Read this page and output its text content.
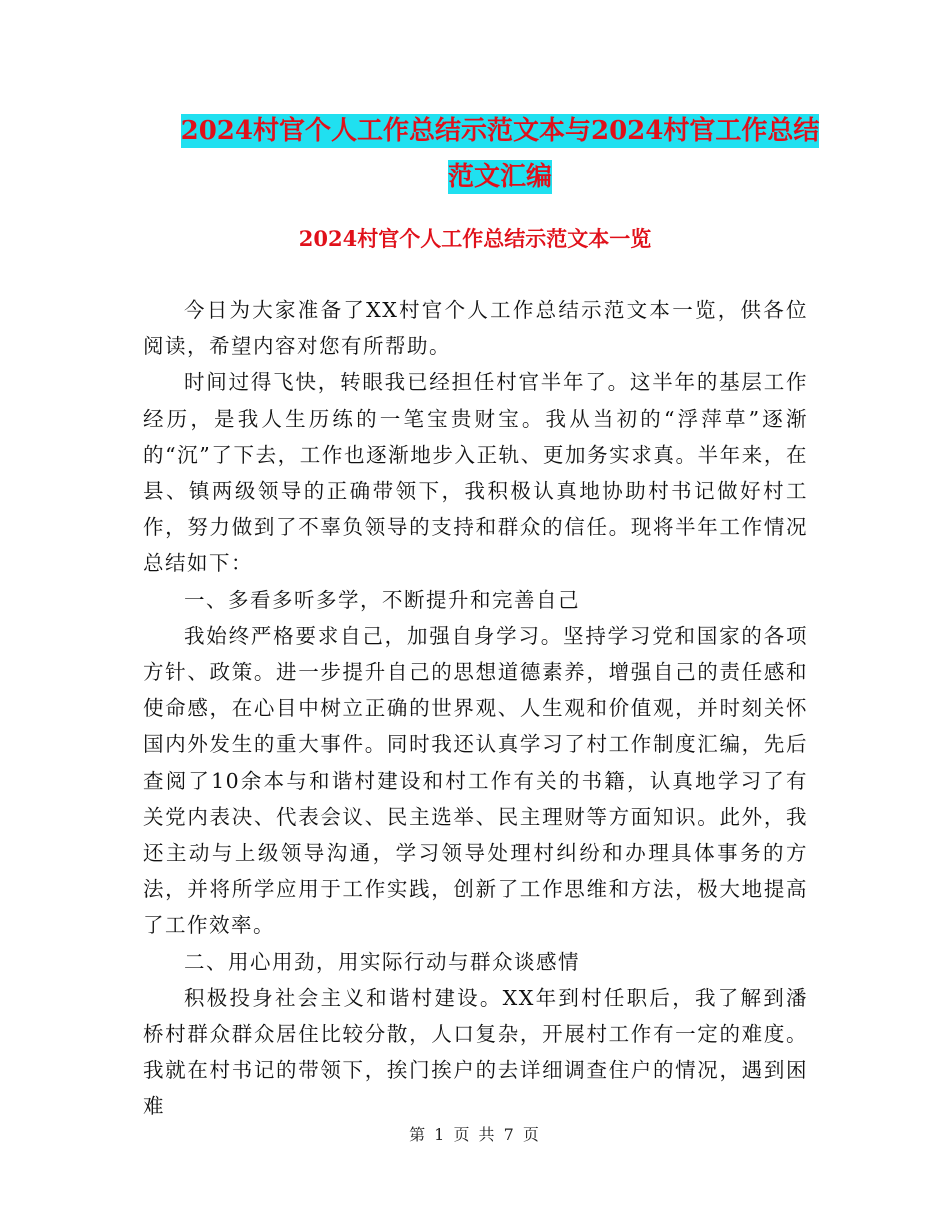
2024村官个人工作总结示范文本与2024村官工作总结
范文汇编
2024村官个人工作总结示范文本一览

今日为大家准备了XX村官个人工作总结示范文本一览，供各位阅读，希望内容对您有所帮助。

时间过得飞快，转眼我已经担任村官半年了。这半年的基层工作经历，是我人生历练的一笔宝贵财宝。我从当初的“浮萍草”逐渐的“沉”了下去，工作也逐渐地步入正轨、更加务实求真。半年来，在县、镇两级领导的正确带领下，我积极认真地协助村书记做好村工作，努力做到了不辜负领导的支持和群众的信任。现将半年工作情况总结如下：

一、多看多听多学，不断提升和完善自己

我始终严格要求自己，加强自身学习。坚持学习党和国家的各项方针、政策。进一步提升自己的思想道德素养，增强自己的责任感和使命感，在心目中树立正确的世界观、人生观和价值观，并时刻关怀国内外发生的重大事件。同时我还认真学习了村工作制度汇编，先后查阅了10余本与和谐村建设和村工作有关的书籍，认真地学习了有关党内表决、代表会议、民主选举、民主理财等方面知识。此外，我还主动与上级领导沟通，学习领导处理村纠纷和办理具体事务的方法，并将所学应用于工作实践，创新了工作思维和方法，极大地提高了工作效率。

二、用心用劲，用实际行动与群众谈感情

积极投身社会主义和谐村建设。XX年到村任职后，我了解到潘桥村群众群众居住比较分散，人口复杂，开展村工作有一定的难度。我就在村书记的带领下，挨门挨户的去详细调查住户的情况，遇到困难

第 1 页 共 7 页
